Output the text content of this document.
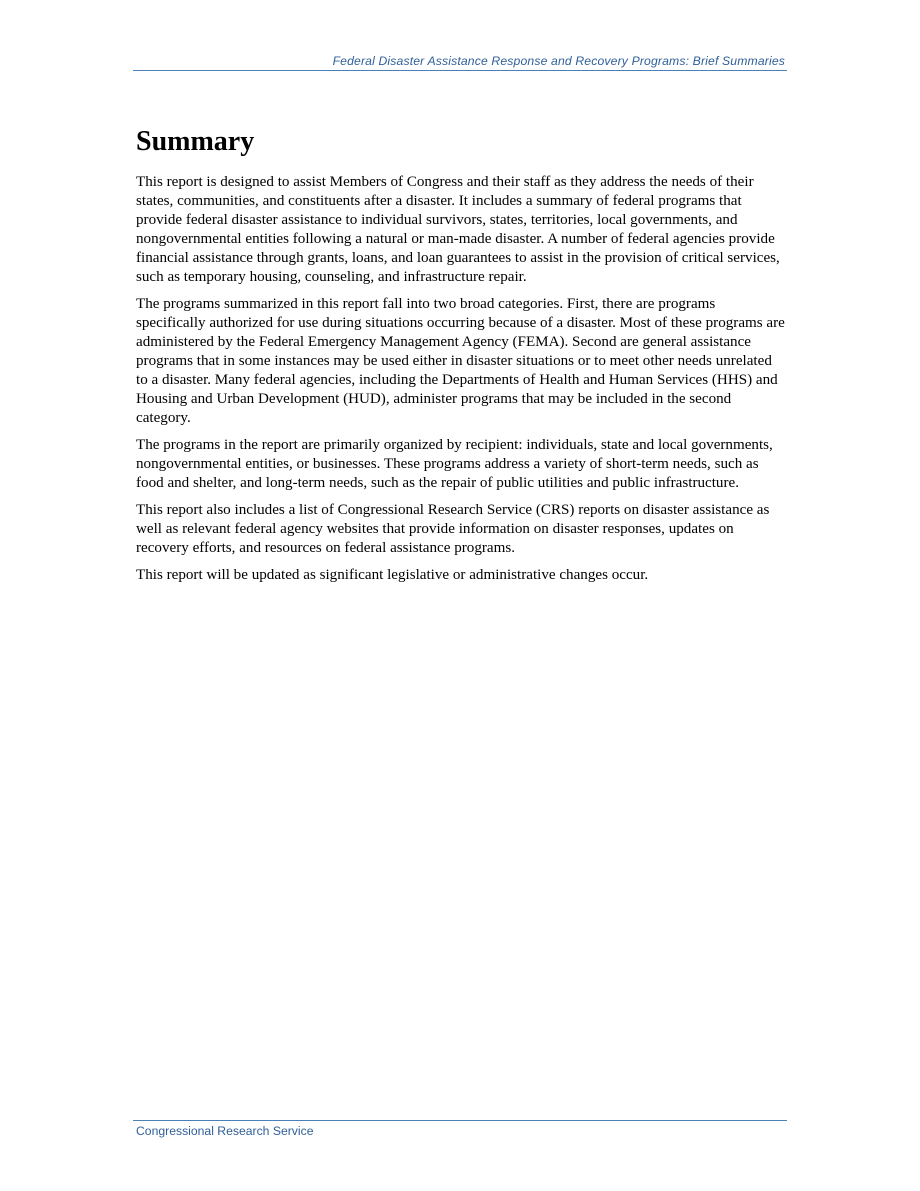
Federal Disaster Assistance Response and Recovery Programs: Brief Summaries
Summary

This report is designed to assist Members of Congress and their staff as they address the needs of their states, communities, and constituents after a disaster. It includes a summary of federal programs that provide federal disaster assistance to individual survivors, states, territories, local governments, and nongovernmental entities following a natural or man-made disaster. A number of federal agencies provide financial assistance through grants, loans, and loan guarantees to assist in the provision of critical services, such as temporary housing, counseling, and infrastructure repair.

The programs summarized in this report fall into two broad categories. First, there are programs specifically authorized for use during situations occurring because of a disaster. Most of these programs are administered by the Federal Emergency Management Agency (FEMA). Second are general assistance programs that in some instances may be used either in disaster situations or to meet other needs unrelated to a disaster. Many federal agencies, including the Departments of Health and Human Services (HHS) and Housing and Urban Development (HUD), administer programs that may be included in the second category.

The programs in the report are primarily organized by recipient: individuals, state and local governments, nongovernmental entities, or businesses. These programs address a variety of short-term needs, such as food and shelter, and long-term needs, such as the repair of public utilities and public infrastructure.

This report also includes a list of Congressional Research Service (CRS) reports on disaster assistance as well as relevant federal agency websites that provide information on disaster responses, updates on recovery efforts, and resources on federal assistance programs.

This report will be updated as significant legislative or administrative changes occur.

Congressional Research Service
